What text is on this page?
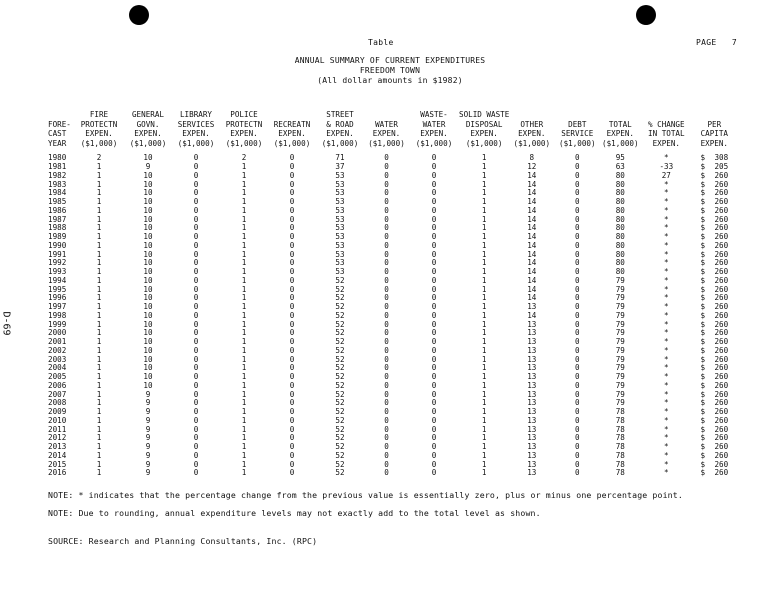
Table	PAGE   7
ANNUAL SUMMARY OF CURRENT EXPENDITURES
FREEDOM TOWN
(All dollar amounts in $1982)
D-69
	FIRE	GENERAL	LIBRARY	POLICE		STREET		WASTE-	SOLID WASTE					
FORE-	PROTECTN	GOVN.	SERVICES	PROTECTN	RECREATN	& ROAD	WATER	WATER	DISPOSAL	OTHER	DEBT	TOTAL	% CHANGE	PER
CAST	EXPEN.	EXPEN.	EXPEN.	EXPEN.	EXPEN.	EXPEN.	EXPEN.	EXPEN.	EXPEN.	EXPEN.	SERVICE	EXPEN.	IN TOTAL	CAPITA
YEAR	($1,000)	($1,000)	($1,000)	($1,000)	($1,000)	($1,000)	($1,000)	($1,000)	($1,000)	($1,000)	($1,000)	($1,000)	EXPEN.	EXPEN.

1980	2	10	0	2	0	71	0	0	1	8	0	95	*	$ 308
1981	1	9	0	1	0	37	0	0	1	12	0	63	-33	$ 205
1982	1	10	0	1	0	53	0	0	1	14	0	80	27	$ 260
1983	1	10	0	1	0	53	0	0	1	14	0	80	*	$ 260
1984	1	10	0	1	0	53	0	0	1	14	0	80	*	$ 260
1985	1	10	0	1	0	53	0	0	1	14	0	80	*	$ 260
1986	1	10	0	1	0	53	0	0	1	14	0	80	*	$ 260
1987	1	10	0	1	0	53	0	0	1	14	0	80	*	$ 260
1988	1	10	0	1	0	53	0	0	1	14	0	80	*	$ 260
1989	1	10	0	1	0	53	0	0	1	14	0	80	*	$ 260
1990	1	10	0	1	0	53	0	0	1	14	0	80	*	$ 260
1991	1	10	0	1	0	53	0	0	1	14	0	80	*	$ 260
1992	1	10	0	1	0	53	0	0	1	14	0	80	*	$ 260
1993	1	10	0	1	0	53	0	0	1	14	0	80	*	$ 260
1994	1	10	0	1	0	52	0	0	1	14	0	79	*	$ 260
1995	1	10	0	1	0	52	0	0	1	14	0	79	*	$ 260
1996	1	10	0	1	0	52	0	0	1	14	0	79	*	$ 260
1997	1	10	0	1	0	52	0	0	1	13	0	79	*	$ 260
1998	1	10	0	1	0	52	0	0	1	14	0	79	*	$ 260
1999	1	10	0	1	0	52	0	0	1	13	0	79	*	$ 260
2000	1	10	0	1	0	52	0	0	1	13	0	79	*	$ 260
2001	1	10	0	1	0	52	0	0	1	13	0	79	*	$ 260
2002	1	10	0	1	0	52	0	0	1	13	0	79	*	$ 260
2003	1	10	0	1	0	52	0	0	1	13	0	79	*	$ 260
2004	1	10	0	1	0	52	0	0	1	13	0	79	*	$ 260
2005	1	10	0	1	0	52	0	0	1	13	0	79	*	$ 260
2006	1	10	0	1	0	52	0	0	1	13	0	79	*	$ 260
2007	1	9	0	1	0	52	0	0	1	13	0	79	*	$ 260
2008	1	9	0	1	0	52	0	0	1	13	0	79	*	$ 260
2009	1	9	0	1	0	52	0	0	1	13	0	78	*	$ 260
2010	1	9	0	1	0	52	0	0	1	13	0	78	*	$ 260
2011	1	9	0	1	0	52	0	0	1	13	0	78	*	$ 260
2012	1	9	0	1	0	52	0	0	1	13	0	78	*	$ 260
2013	1	9	0	1	0	52	0	0	1	13	0	78	*	$ 260
2014	1	9	0	1	0	52	0	0	1	13	0	78	*	$ 260
2015	1	9	0	1	0	52	0	0	1	13	0	78	*	$ 260
2016	1	9	0	1	0	52	0	0	1	13	0	78	*	$ 260
NOTE: * indicates that the percentage change from the previous value is essentially zero, plus or minus one percentage point.
NOTE: Due to rounding, annual expenditure levels may not exactly add to the total level as shown.
SOURCE: Research and Planning Consultants, Inc. (RPC)
